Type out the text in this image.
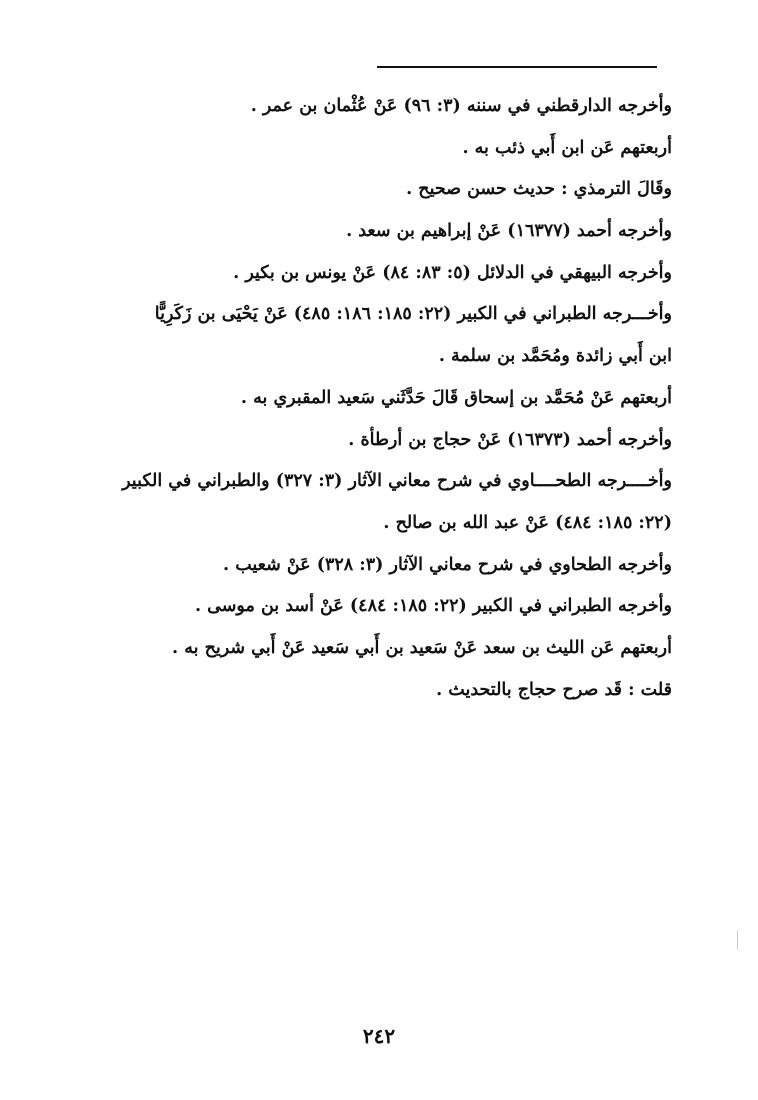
وأخرجه الدارقطني في سننه (٣: ٩٦) عَنْ عُثْمان بن عمر .
أربعتهم عَن ابن أَبي ذئب به .
وقَالَ الترمذي : حديث حسن صحيح .
وأخرجه أحمد (١٦٣٧٧) عَنْ إبراهيم بن سعد .
وأخرجه البيهقي في الدلائل (٥: ٨٣: ٨٤) عَنْ يونس بن بكير .
وأخـــرجه الطبراني في الكبير (٢٢: ١٨٥: ١٨٦: ٤٨٥) عَنْ يَحْيَى بن زَكَرِيًّا
ابن أَبي زائدة ومُحَمَّد بن سلمة .
أربعتهم عَنْ مُحَمَّد بن إسحاق قَالَ حَدَّثَني سَعيد المقبري به .
وأخرجه أحمد (١٦٣٧٣) عَنْ حجاج بن أرطأة .
وأخــــرجه الطحــــاوي في شرح معاني الآثار (٣: ٣٢٧) والطبراني في الكبير
(٢٢: ١٨٥: ٤٨٤) عَنْ عبد الله بن صالح .
وأخرجه الطحاوي في شرح معاني الآثار (٣: ٣٢٨) عَنْ شعيب .
وأخرجه الطبراني في الكبير (٢٢: ١٨٥: ٤٨٤) عَنْ أسد بن موسى .
أربعتهم عَن الليث بن سعد عَنْ سَعيد بن أَبي سَعيد عَنْ أَبي شريح به .
قلت : قَد صرح حجاج بالتحديث .
٢٤٢
